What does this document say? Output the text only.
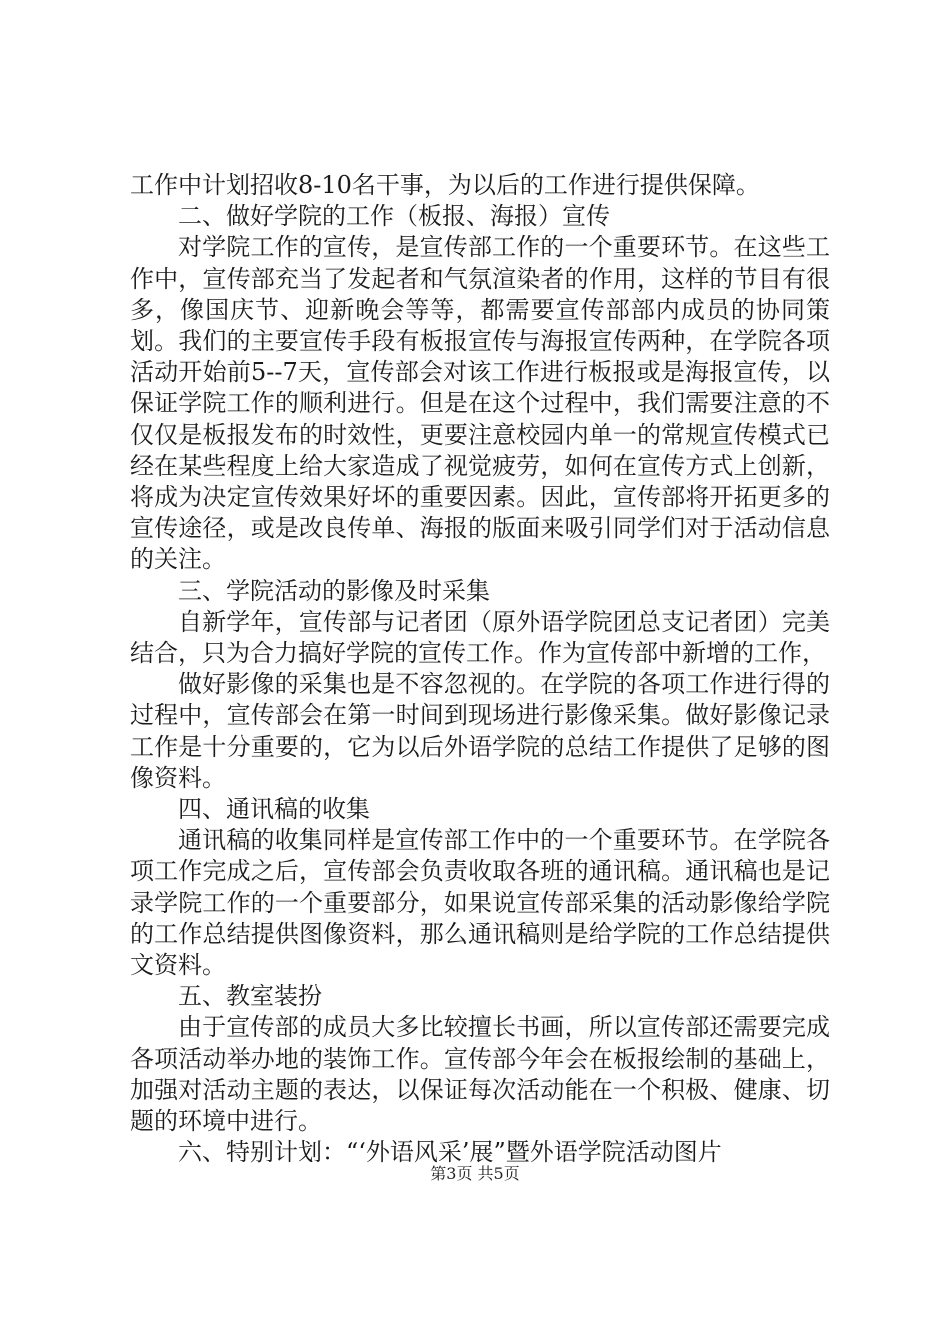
工作中计划招收8-10名干事，为以后的工作进行提供保障。

二、做好学院的工作（板报、海报）宣传

对学院工作的宣传，是宣传部工作的一个重要环节。在这些工作中，宣传部充当了发起者和气氛渲染者的作用，这样的节目有很多，像国庆节、迎新晚会等等，都需要宣传部部内成员的协同策划。我们的主要宣传手段有板报宣传与海报宣传两种，在学院各项活动开始前5--7天，宣传部会对该工作进行板报或是海报宣传，以保证学院工作的顺利进行。但是在这个过程中，我们需要注意的不仅仅是板报发布的时效性，更要注意校园内单一的常规宣传模式已经在某些程度上给大家造成了视觉疲劳，如何在宣传方式上创新，将成为决定宣传效果好坏的重要因素。因此，宣传部将开拓更多的宣传途径，或是改良传单、海报的版面来吸引同学们对于活动信息的关注。

三、学院活动的影像及时采集

自新学年，宣传部与记者团（原外语学院团总支记者团）完美结合，只为合力搞好学院的宣传工作。作为宣传部中新增的工作，

做好影像的采集也是不容忽视的。在学院的各项工作进行得的过程中，宣传部会在第一时间到现场进行影像采集。做好影像记录工作是十分重要的，它为以后外语学院的总结工作提供了足够的图像资料。

四、通讯稿的收集

通讯稿的收集同样是宣传部工作中的一个重要环节。在学院各项工作完成之后，宣传部会负责收取各班的通讯稿。通讯稿也是记录学院工作的一个重要部分，如果说宣传部采集的活动影像给学院的工作总结提供图像资料，那么通讯稿则是给学院的工作总结提供文资料。

五、教室装扮

由于宣传部的成员大多比较擅长书画，所以宣传部还需要完成各项活动举办地的装饰工作。宣传部今年会在板报绘制的基础上，加强对活动主题的表达，以保证每次活动能在一个积极、健康、切题的环境中进行。

六、特别计划：“‘外语风采’展”暨外语学院活动图片

第3页 共5页
